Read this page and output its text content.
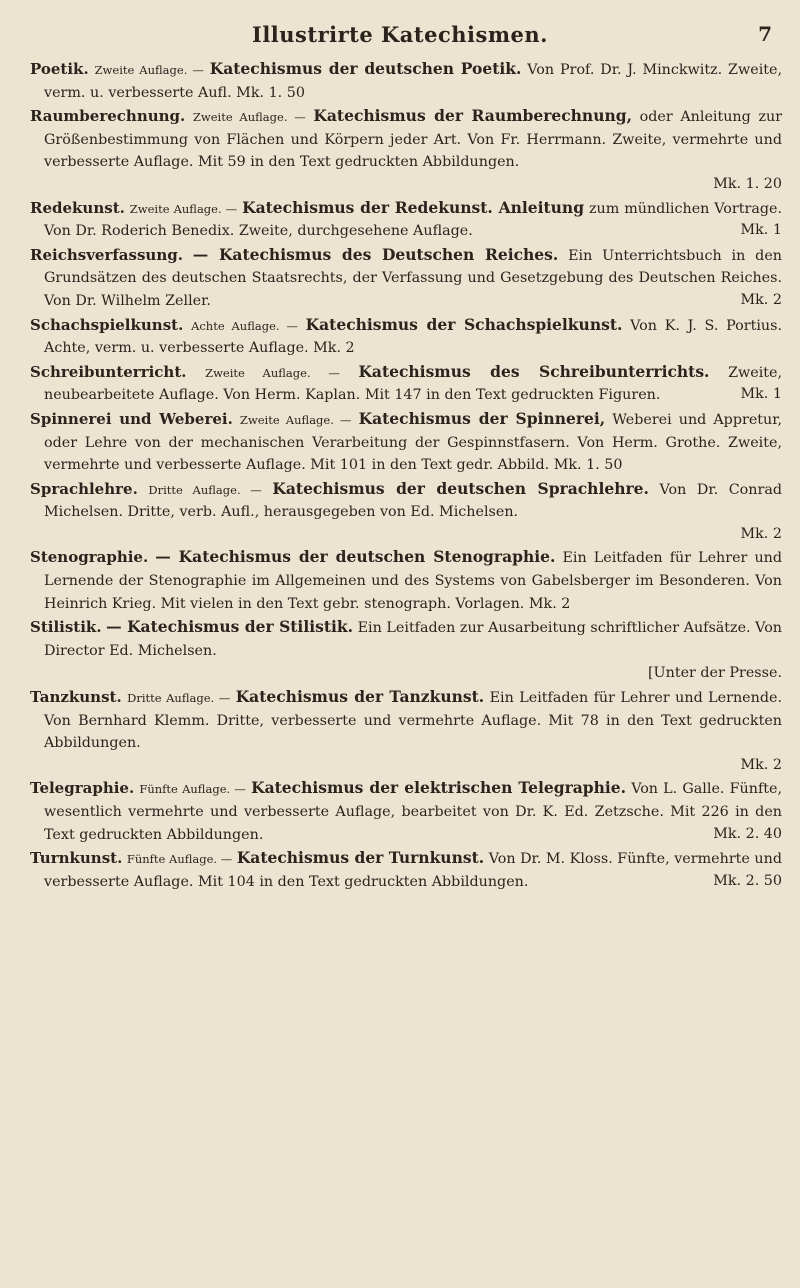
Illustrirte Katechismen.	7

Poetik. Zweite Auflage. — Katechismus der deutschen Poetik. Von Prof. Dr. J. Minckwitz. Zweite, verm. u. verbesserte Aufl. Mk. 1. 50

Raumberechnung. Zweite Auflage. — Katechismus der Raumberechnung, oder Anleitung zur Größenbestimmung von Flächen und Körpern jeder Art. Von Fr. Herrmann. Zweite, vermehrte und verbesserte Auflage. Mit 59 in den Text gedruckten Abbildungen.
Mk. 1. 20

Redekunst. Zweite Auflage. — Katechismus der Redekunst. Anleitung zum mündlichen Vortrage. Von Dr. Roderich Benedix. Zweite, durchgesehene Auflage.	Mk. 1

Reichsverfassung. — Katechismus des Deutschen Reiches. Ein Unterrichtsbuch in den Grundsätzen des deutschen Staatsrechts, der Verfassung und Gesetzgebung des Deutschen Reiches. Von Dr. Wilhelm Zeller.	Mk. 2

Schachspielkunst. Achte Auflage. — Katechismus der Schachspielkunst. Von K. J. S. Portius. Achte, verm. u. verbesserte Auflage. Mk. 2

Schreibunterricht. Zweite Auflage. — Katechismus des Schreibunterrichts. Zweite, neubearbeitete Auflage. Von Herm. Kaplan. Mit 147 in den Text gedruckten Figuren.	Mk. 1

Spinnerei und Weberei. Zweite Auflage. — Katechismus der Spinnerei, Weberei und Appretur, oder Lehre von der mechanischen Verarbeitung der Gespinnstfasern. Von Herm. Grothe. Zweite, vermehrte und verbesserte Auflage. Mit 101 in den Text gedr. Abbild. Mk. 1. 50

Sprachlehre. Dritte Auflage. — Katechismus der deutschen Sprachlehre. Von Dr. Conrad Michelsen. Dritte, verb. Aufl., herausgegeben von Ed. Michelsen.
Mk. 2

Stenographie. — Katechismus der deutschen Stenographie. Ein Leitfaden für Lehrer und Lernende der Stenographie im Allgemeinen und des Systems von Gabelsberger im Besonderen. Von Heinrich Krieg. Mit vielen in den Text gebr. stenograph. Vorlagen. Mk. 2

Stilistik. — Katechismus der Stilistik. Ein Leitfaden zur Ausarbeitung schriftlicher Aufsätze. Von Director Ed. Michelsen.
[Unter der Presse.

Tanzkunst. Dritte Auflage. — Katechismus der Tanzkunst. Ein Leitfaden für Lehrer und Lernende. Von Bernhard Klemm. Dritte, verbesserte und vermehrte Auflage. Mit 78 in den Text gedruckten Abbildungen.
Mk. 2

Telegraphie. Fünfte Auflage. — Katechismus der elektrischen Telegraphie. Von L. Galle. Fünfte, wesentlich vermehrte und verbesserte Auflage, bearbeitet von Dr. K. Ed. Zetzsche. Mit 226 in den Text gedruckten Abbildungen.	Mk. 2. 40

Turnkunst. Fünfte Auflage. — Katechismus der Turnkunst. Von Dr. M. Kloss. Fünfte, vermehrte und verbesserte Auflage. Mit 104 in den Text gedruckten Abbildungen.	Mk. 2. 50
